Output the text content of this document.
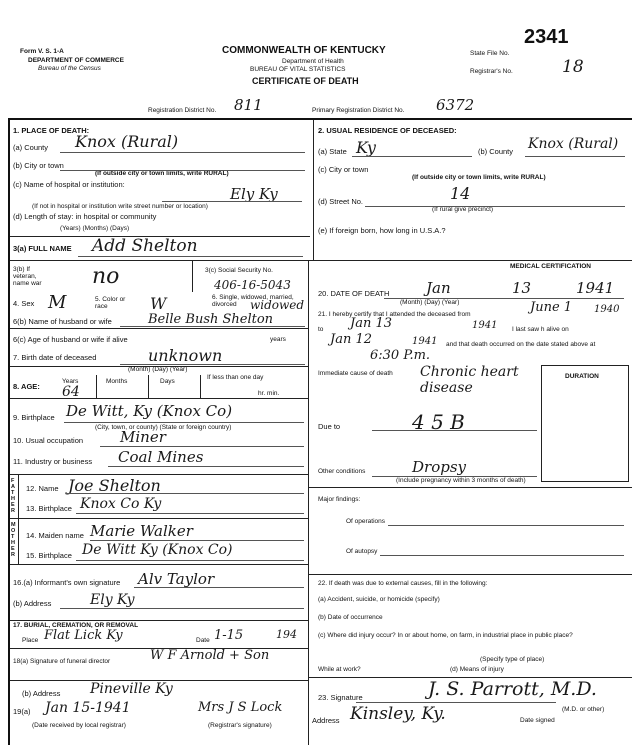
Form V. S. 1-A
DEPARTMENT OF COMMERCE
Bureau of the Census
COMMONWEALTH OF KENTUCKY
Department of Health
BUREAU OF VITAL STATISTICS
CERTIFICATE OF DEATH
2341
State File No.
Registrar's No.	18
Registration District No. 811	Primary Registration District No. 6372
DURATION
1. PLACE OF DEATH:
(a) County Knox (Rural)
(b) City or town
(If outside city or town limits, write RURAL)
(c) Name of hospital or institution:
Ely Ky
(If not in hospital or institution write street number or location)
(d) Length of stay: in hospital or community
(Years) (Months) (Days)
3(a) FULL NAME Add Shelton
3(b) If veteran, name war	no	3(c) Social Security No.
406-16-5043
4. Sex M	5. Color or race	W	6. Single, widowed, married, divorced	widowed
6(b) Name of husband or wife	Belle Bush Shelton
6(c) Age of husband or wife if alive	years
7. Birth date of deceased	unknown
(Month) (Day) (Year)
8. AGE:
Years
64
Months	Days
If less than one day
hr. min.
9. Birthplace De Witt, Ky (Knox Co)
(City, town, or county) (State or foreign country)
10. Usual occupation Miner
11. Industry or business Coal Mines
FATHER
12. Name Joe Shelton
13. Birthplace Knox Co Ky
MOTHER
14. Maiden name Marie Walker
15. Birthplace De Witt Ky (Knox Co)
16.(a) Informant's own signature Alv Taylor
(b) Address	Ely Ky
17. BURIAL, CREMATION, OR REMOVAL
Place Flat Lick Ky	Date 1-15	194
18(a) Signature of funeral director	W F Arnold + Son
(b) Address Pineville Ky
19(a) Jan 15-1941
(Date received by local registrar)
Mrs J S Lock
(Registrar's signature)
2. USUAL RESIDENCE OF DECEASED:
(a) State Ky	(b) County Knox (Rural)
(c) City or town
(If outside city or town limits, write RURAL)
(d) Street No.	14
(If rural give precinct)
(e) If foreign born, how long in U.S.A.?
MEDICAL CERTIFICATION
20. DATE OF DEATH Jan	13	1941
(Month) (Day) (Year)
21. I hereby certify that I attended the deceased from	June 1 1940
to Jan 13	1941 I last saw h alive on
Jan 12	1941 and that death occurred on the date stated above at
6:30 P.m.
Immediate cause of death Chronic heart disease
Due to	4 5 B
Other conditions	Dropsy
(Include pregnancy within 3 months of death)
Major findings:
Of operations
Of autopsy
22. If death was due to external causes, fill in the following:
(a) Accident, suicide, or homicide (specify)
(b) Date of occurrence
(c) Where did injury occur? In or about home, on farm, in industrial place in public place?
(Specify type of place)
While at work?	(d) Means of injury
23. Signature	J. S. Parrott, M.D.
(M.D. or other)
Address Kinsley, Ky.	Date signed
